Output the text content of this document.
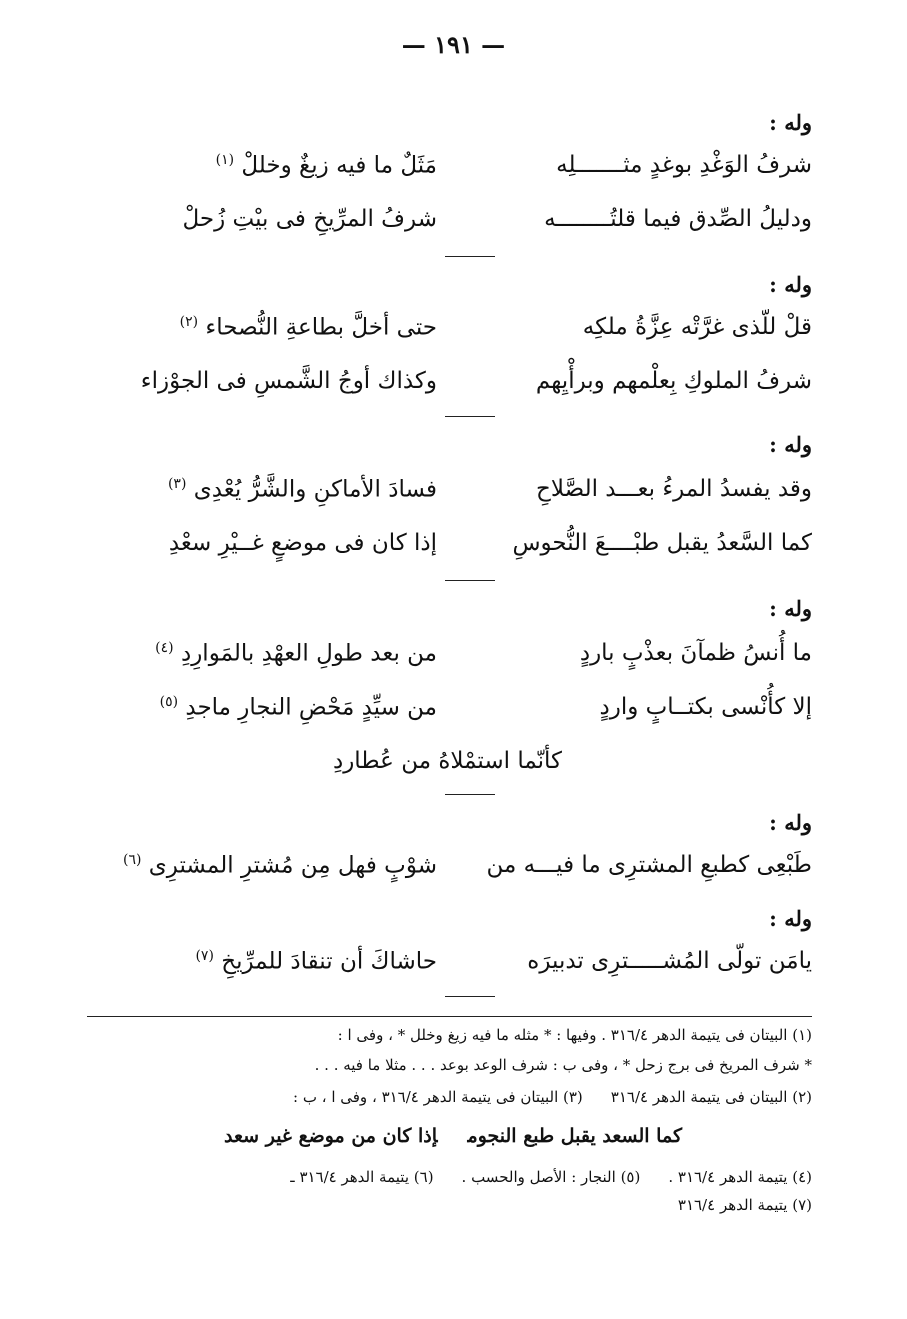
— ١٩١ —
وله :
شرفُ الوَغْدِ بوغدٍ مثـــــــلِه
مَثَلٌ ما فيه زيغٌ وخللْ $^{(١)}$
ودليلُ الصِّدق فيما قلتُــــــــه
شرفُ المرِّيخِ فى بيْتِ زُحلْ
وله :
قلْ للّذى غرَّتْه عِزَّةُ ملكِه
حتى أخلَّ بطاعةِ النُّصحاء $^{(٢)}$
شرفُ الملوكِ بِعلْمهم وبرأْيِهم
وكذاك أوجُ الشَّمسِ فى الجوْزاء
وله :
وقد يفسدُ المرءُ بعـــد الصَّلاحِ
فسادَ الأماكنِ والشَّرُّ يُعْدِى $^{(٣)}$
كما السَّعدُ يقبل طبْــــعَ النُّحوسِ
إذا كان فى موضعٍ غــيْرِ سعْدِ
وله :
ما أُنسُ ظمآنَ بعذْبٍ باردٍ
من بعد طولِ العهْدِ بالمَوارِدِ $^{(٤)}$
إلا كأُنْسى بكتــابٍ واردٍ
من سيِّدٍ مَحْضِ النجارِ ماجدِ $^{(٥)}$
كأنّما استمْلاهُ من عُطاردِ
وله :
طَبْعِى كطبعِ المشترِى ما فيـــه من
شوْبٍ فهل مِن مُشترِ المشترِى $^{(٦)}$
وله :
يامَن تولّى المُشـــــترِى تدبيرَه
حاشاكَ أن تنقادَ للمرِّيخِ $^{(٧)}$
(١) البيتان فى يتيمة الدهر ٣١٦/٤ . وفيها : * مثله ما فيه زيغ وخلل * ، وفى ا :
* شرف المريخ فى برج زحل * ، وفى ب : شرف الوعد بوعد . . . مثلا ما فيه . . .
(٢) البيتان فى يتيمة الدهر ٣١٦/٤(٣) البيتان فى يتيمة الدهر ٣١٦/٤ ، وفى ا ، ب :
كما السعد يقبل طبع النجومإذا كان من موضع غير سعد
(٤) يتيمة الدهر ٣١٦/٤ .(٥) النجار : الأصل والحسب .(٦) يتيمة الدهر ٣١٦/٤ ـ
(٧) يتيمة الدهر ٣١٦/٤
